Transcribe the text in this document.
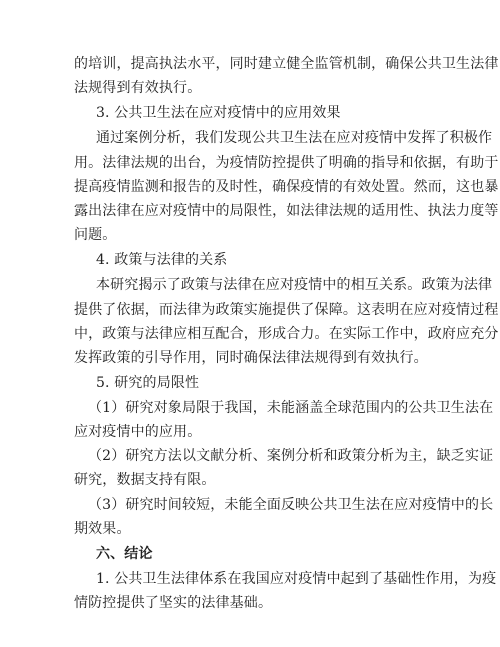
的培训，提高执法水平，同时建立健全监管机制，确保公共卫生法律
法规得到有效执行。
3. 公共卫生法在应对疫情中的应用效果
通过案例分析，我们发现公共卫生法在应对疫情中发挥了积极作
用。法律法规的出台，为疫情防控提供了明确的指导和依据，有助于
提高疫情监测和报告的及时性，确保疫情的有效处置。然而，这也暴
露出法律在应对疫情中的局限性，如法律法规的适用性、执法力度等
问题。
4. 政策与法律的关系
本研究揭示了政策与法律在应对疫情中的相互关系。政策为法律
提供了依据，而法律为政策实施提供了保障。这表明在应对疫情过程
中，政策与法律应相互配合，形成合力。在实际工作中，政府应充分
发挥政策的引导作用，同时确保法律法规得到有效执行。
5. 研究的局限性
（1）研究对象局限于我国，未能涵盖全球范围内的公共卫生法在
应对疫情中的应用。
（2）研究方法以文献分析、案例分析和政策分析为主，缺乏实证
研究，数据支持有限。
（3）研究时间较短，未能全面反映公共卫生法在应对疫情中的长
期效果。
六、结论
1. 公共卫生法律体系在我国应对疫情中起到了基础性作用，为疫
情防控提供了坚实的法律基础。
